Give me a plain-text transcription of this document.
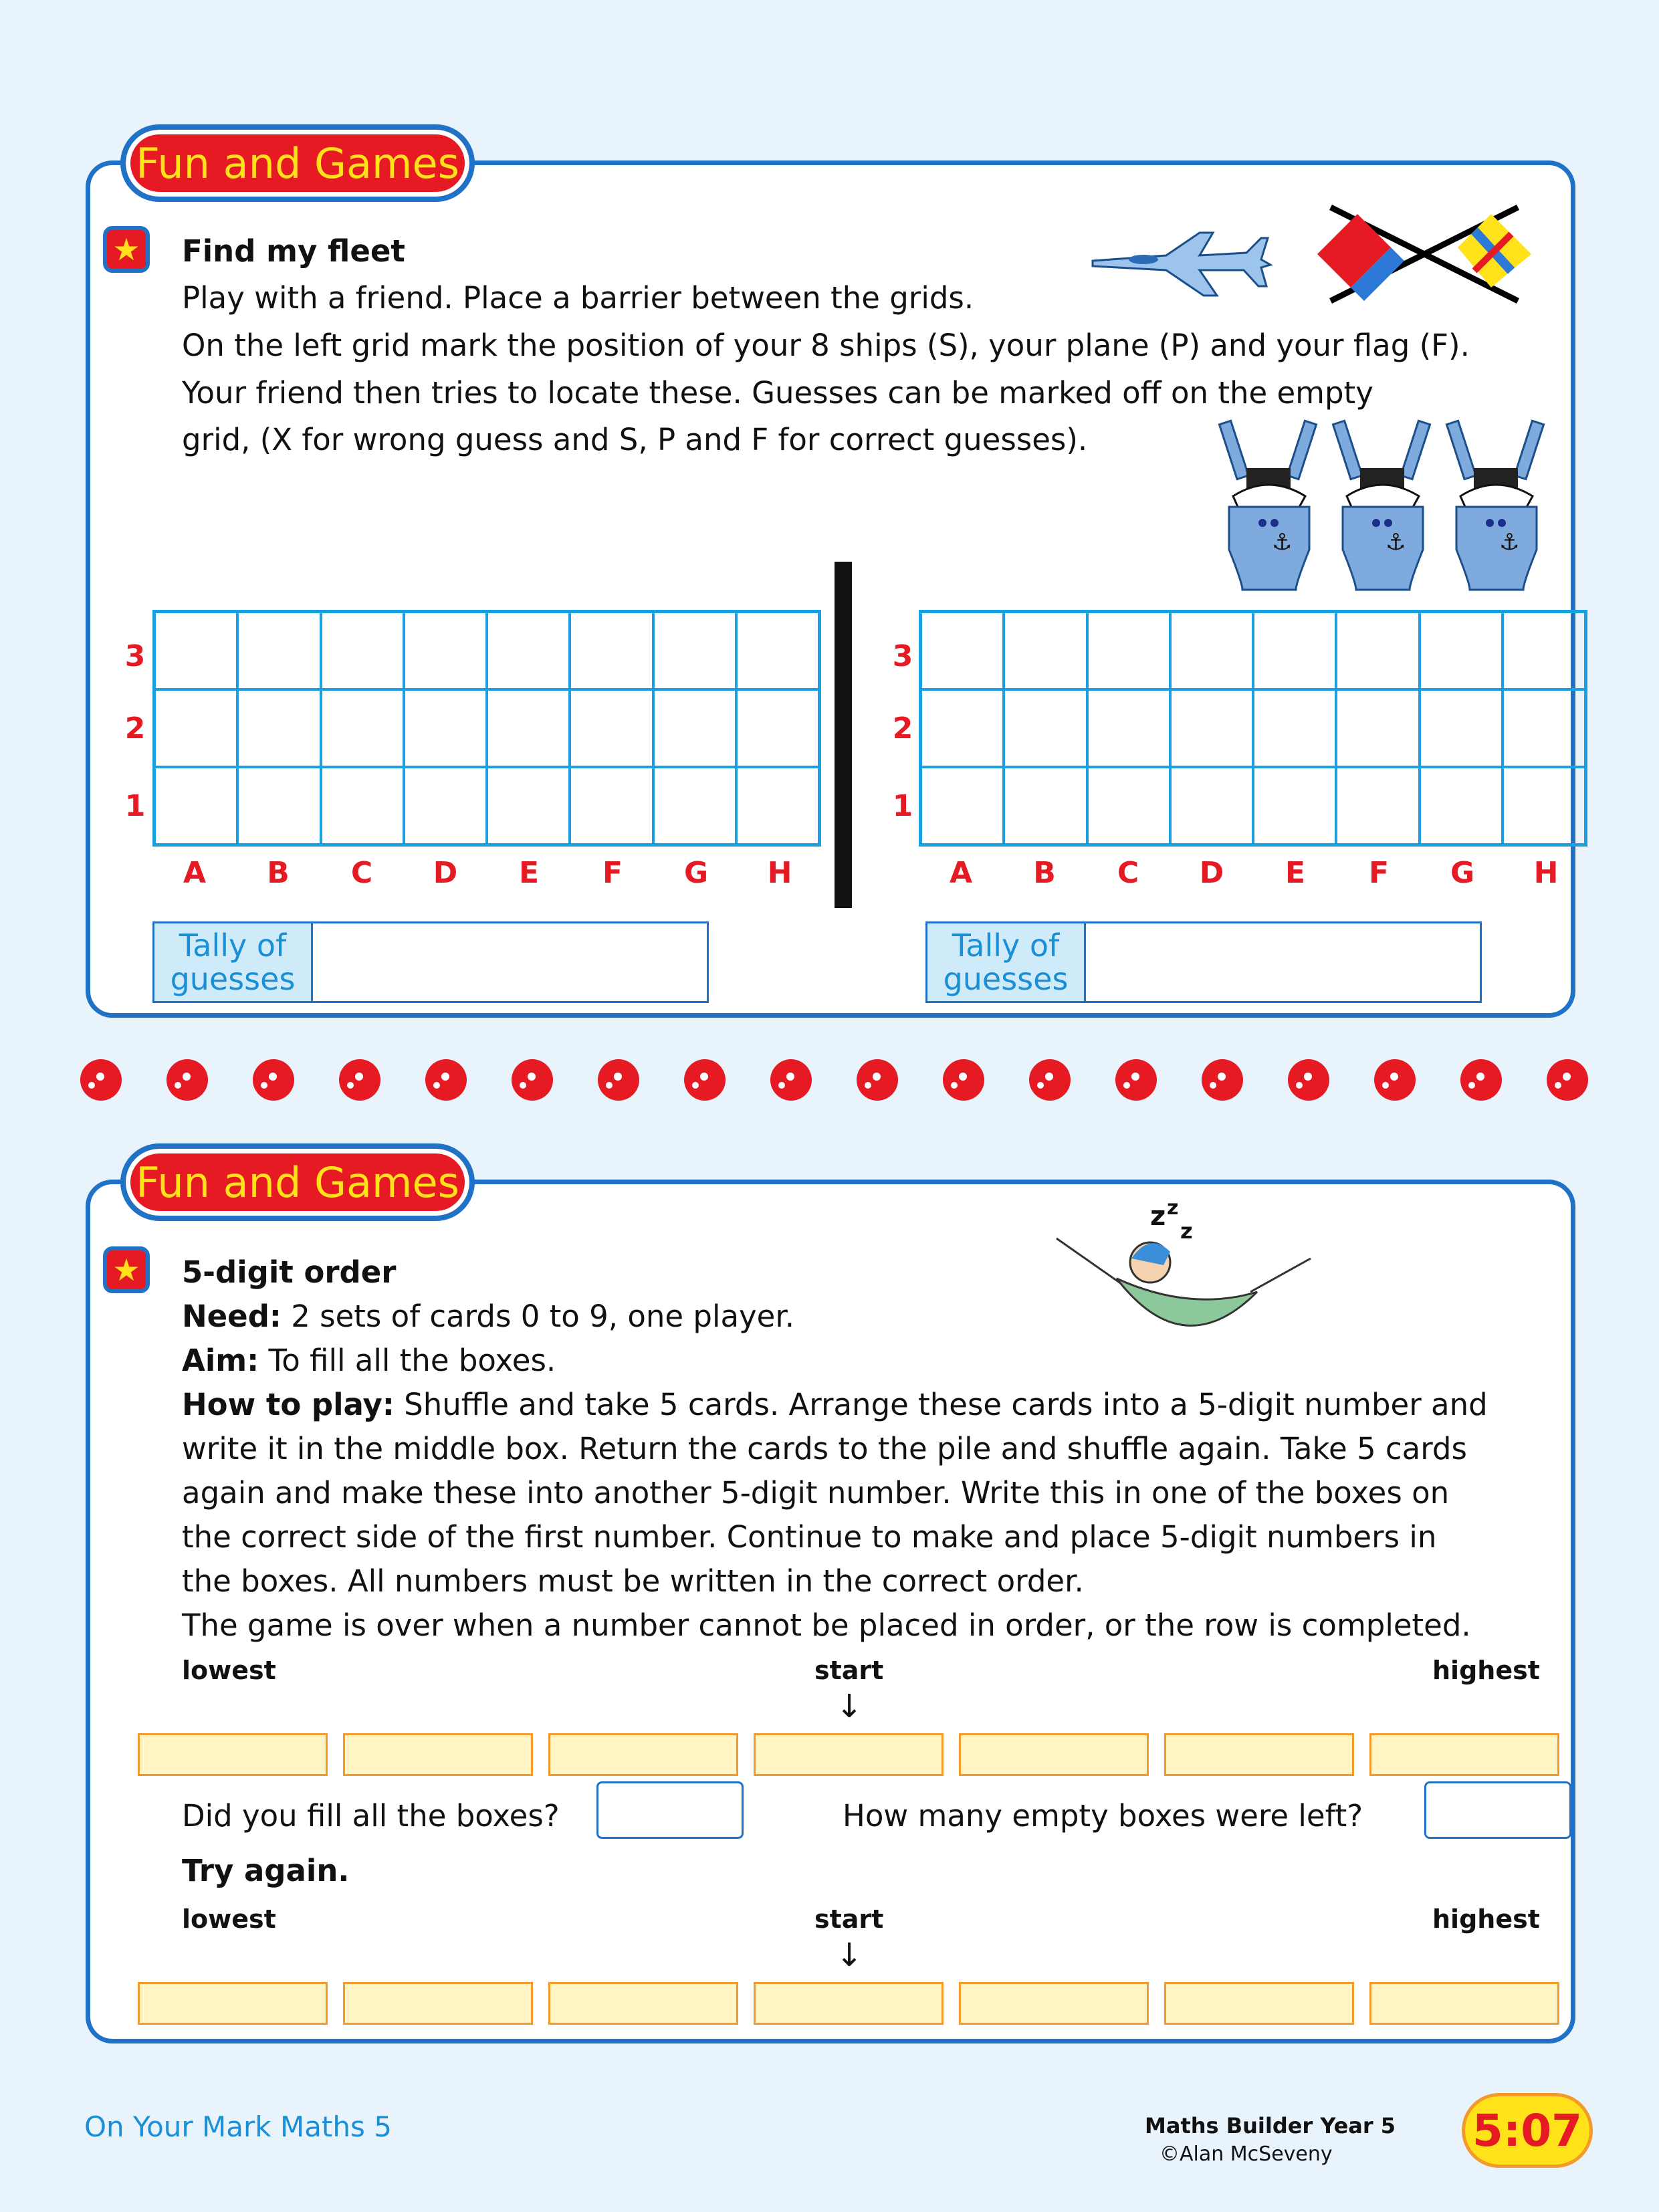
Fun and Games
★ Find my fleet
Play with a friend. Place a barrier between the grids.
On the left grid mark the position of your 8 ships (S), your plane (P) and your flag (F).
Your friend then tries to locate these. Guesses can be marked off on the empty
grid, (X for wrong guess and S, P and F for correct guesses).
⚓
3
2
1
A	B	C	D	E	F	G H
3
2
1
A	B	C	D	E	F	G H
Tally of
guesses
Tally of
guesses
Fun and Games
★ 5-digit order
Need: 2 sets of cards 0 to 9, one player.
Aim: To fill all the boxes.
How to play: Shuffle and take 5 cards. Arrange these cards into a 5-digit number and
write it in the middle box. Return the cards to the pile and shuffle again. Take 5 cards
again and make these into another 5-digit number. Write this in one of the boxes on
the correct side of the first number. Continue to make and place 5-digit numbers in
the boxes. All numbers must be written in the correct order.
The game is over when a number cannot be placed in order, or the row is completed.
z z
z
lowest	start	highest
↓
Did you fill all the boxes?	How many empty boxes were left?
Try again.
lowest	start	highest
↓
On Your Mark Maths 5	Maths Builder Year 5
©Alan McSeveny	5:07
